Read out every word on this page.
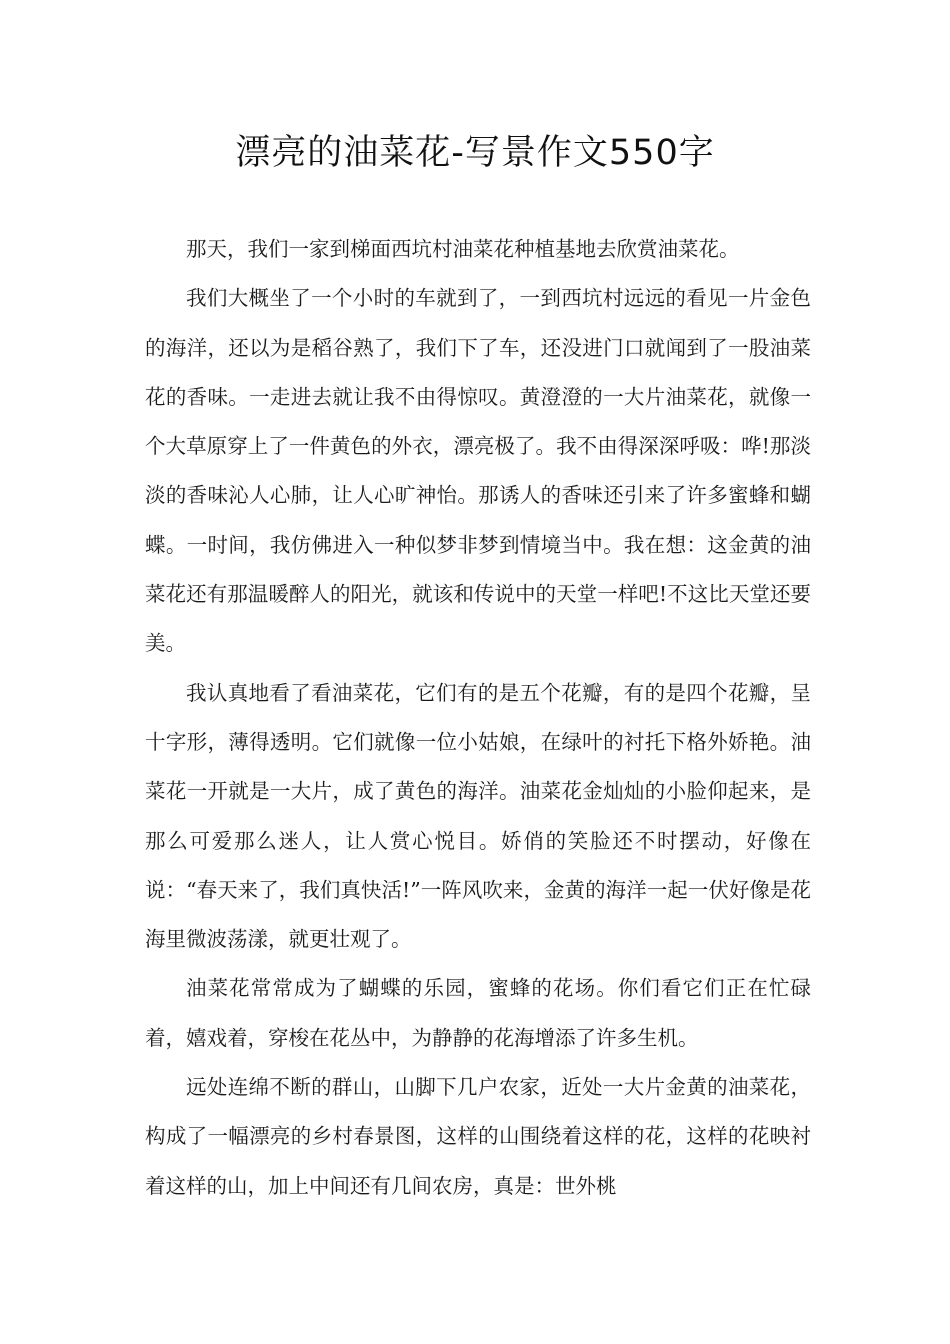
漂亮的油菜花-写景作文550字

那天，我们一家到梯面西坑村油菜花种植基地去欣赏油菜花。

我们大概坐了一个小时的车就到了，一到西坑村远远的看见一片金色的海洋，还以为是稻谷熟了，我们下了车，还没进门口就闻到了一股油菜花的香味。一走进去就让我不由得惊叹。黄澄澄的一大片油菜花，就像一个大草原穿上了一件黄色的外衣，漂亮极了。我不由得深深呼吸：哗!那淡淡的香味沁人心肺，让人心旷神怡。那诱人的香味还引来了许多蜜蜂和蝴蝶。一时间，我仿佛进入一种似梦非梦到情境当中。我在想：这金黄的油菜花还有那温暖醉人的阳光，就该和传说中的天堂一样吧!不这比天堂还要美。

我认真地看了看油菜花，它们有的是五个花瓣，有的是四个花瓣，呈十字形，薄得透明。它们就像一位小姑娘，在绿叶的衬托下格外娇艳。油菜花一开就是一大片，成了黄色的海洋。油菜花金灿灿的小脸仰起来，是那么可爱那么迷人，让人赏心悦目。娇俏的笑脸还不时摆动，好像在说：“春天来了，我们真快活!”一阵风吹来，金黄的海洋一起一伏好像是花海里微波荡漾，就更壮观了。

油菜花常常成为了蝴蝶的乐园，蜜蜂的花场。你们看它们正在忙碌着，嬉戏着，穿梭在花丛中，为静静的花海增添了许多生机。

远处连绵不断的群山，山脚下几户农家，近处一大片金黄的油菜花，构成了一幅漂亮的乡村春景图，这样的山围绕着这样的花，这样的花映衬着这样的山，加上中间还有几间农房，真是：世外桃
